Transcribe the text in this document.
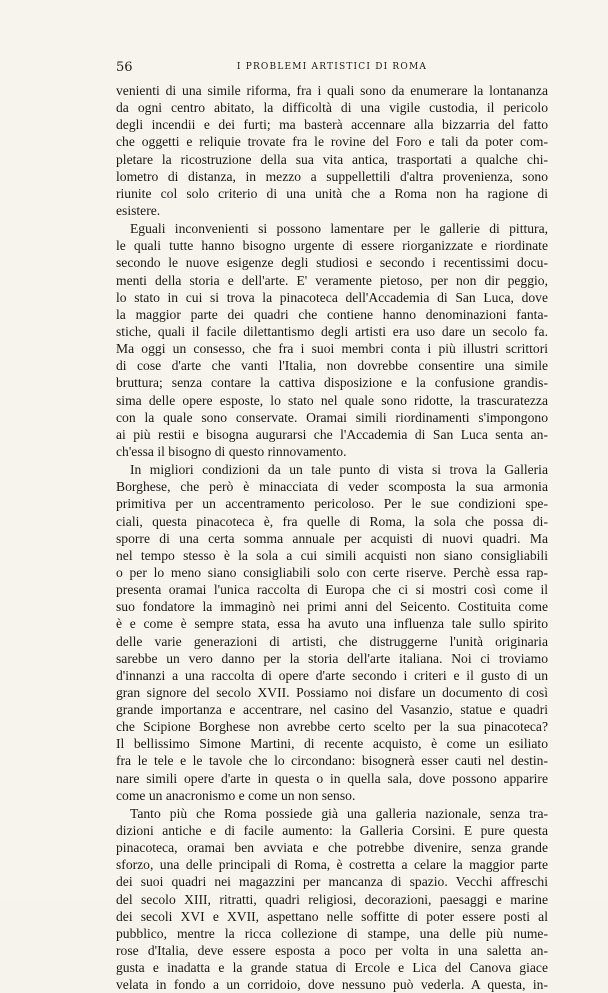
56	I PROBLEMI ARTISTICI DI ROMA
venienti di una simile riforma, fra i quali sono da enumerare la lontananza
da ogni centro abitato, la difficoltà di una vigile custodia, il pericolo
degli incendii e dei furti; ma basterà accennare alla bizzarria del fatto
che oggetti e reliquie trovate fra le rovine del Foro e tali da poter com-
pletare la ricostruzione della sua vita antica, trasportati a qualche chi-
lometro di distanza, in mezzo a suppellettili d'altra provenienza, sono
riunite col solo criterio di una unità che a Roma non ha ragione di
esistere.
Eguali inconvenienti si possono lamentare per le gallerie di pittura,
le quali tutte hanno bisogno urgente di essere riorganizzate e riordinate
secondo le nuove esigenze degli studiosi e secondo i recentissimi docu-
menti della storia e dell'arte. E' veramente pietoso, per non dir peggio,
lo stato in cui si trova la pinacoteca dell'Accademia di San Luca, dove
la maggior parte dei quadri che contiene hanno denominazioni fanta-
stiche, quali il facile dilettantismo degli artisti era uso dare un secolo fa.
Ma oggi un consesso, che fra i suoi membri conta i più illustri scrittori
di cose d'arte che vanti l'Italia, non dovrebbe consentire una simile
bruttura; senza contare la cattiva disposizione e la confusione grandis-
sima delle opere esposte, lo stato nel quale sono ridotte, la trascuratezza
con la quale sono conservate. Oramai simili riordinamenti s'impongono
ai più restii e bisogna augurarsi che l'Accademia di San Luca senta an-
ch'essa il bisogno di questo rinnovamento.
In migliori condizioni da un tale punto di vista si trova la Galleria
Borghese, che però è minacciata di veder scomposta la sua armonia
primitiva per un accentramento pericoloso. Per le sue condizioni spe-
ciali, questa pinacoteca è, fra quelle di Roma, la sola che possa di-
sporre di una certa somma annuale per acquisti di nuovi quadri. Ma
nel tempo stesso è la sola a cui simili acquisti non siano consigliabili
o per lo meno siano consigliabili solo con certe riserve. Perchè essa rap-
presenta oramai l'unica raccolta di Europa che ci si mostri così come il
suo fondatore la immaginò nei primi anni del Seicento. Costituita come
è e come è sempre stata, essa ha avuto una influenza tale sullo spirito
delle varie generazioni di artisti, che distruggerne l'unità originaria
sarebbe un vero danno per la storia dell'arte italiana. Noi ci troviamo
d'innanzi a una raccolta di opere d'arte secondo i criteri e il gusto di un
gran signore del secolo XVII. Possiamo noi disfare un documento di così
grande importanza e accentrare, nel casino del Vasanzio, statue e quadri
che Scipione Borghese non avrebbe certo scelto per la sua pinacoteca?
Il bellissimo Simone Martini, di recente acquisto, è come un esiliato
fra le tele e le tavole che lo circondano: bisognerà esser cauti nel destin-
nare simili opere d'arte in questa o in quella sala, dove possono apparire
come un anacronismo e come un non senso.
Tanto più che Roma possiede già una galleria nazionale, senza tra-
dizioni antiche e di facile aumento: la Galleria Corsini. E pure questa
pinacoteca, oramai ben avviata e che potrebbe divenire, senza grande
sforzo, una delle principali di Roma, è costretta a celare la maggior parte
dei suoi quadri nei magazzini per mancanza di spazio. Vecchi affreschi
del secolo XIII, ritratti, quadri religiosi, decorazioni, paesaggi e marine
dei secoli XVI e XVII, aspettano nelle soffitte di poter essere posti al
pubblico, mentre la ricca collezione di stampe, una delle più nume-
rose d'Italia, deve essere esposta a poco per volta in una saletta an-
gusta e inadatta e la grande statua di Ercole e Lica del Canova giace
velata in fondo a un corridoio, dove nessuno può vederla. A questa, in-
